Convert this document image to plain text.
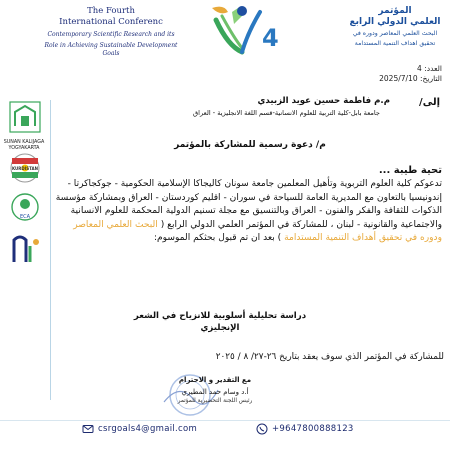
The Fourth
International Conferenc
Contemporary Scientific Research and its
Role in Achieving Sustainable Development Goals
4
المؤتمر
العلمي الدولي الرابع
البحث العلمي المعاصر ودوره في
تحقيق اهداف التنمية المستدامة
العدد: 4
التاريخ: 2025/7/10
SUNAN KALIJAGA
YOGYAKARTA
KURDISTAN
ECA
إلى/
م.م فاطمة حسين عويد الزبيدي
جامعة بابل-كلية التربية للعلوم الانسانية-قسم اللغة الانجليزية - العراق
م/ دعوة رسمية للمشاركة بالمؤتمر
تحية طيبة ...
تدعوكم كلية العلوم التربوية وتأهيل المعلمين جامعة سونان كاليجاكا الإسلامية الحكومية - جوكجاكرتا - إندونيسيا بالتعاون مع المديرية العامة للسياحة في سوران - اقليم كوردستان - العراق وبمشاركة مؤسسة الذكوات للثقافة والفكر والفنون - العراق وبالتنسيق مع مجلة تسنيم الدولية المحكمة للعلوم الانسانية والاجتماعية والقانونية - لبنان ، للمشاركة في المؤتمر العلمي الدولي الرابع ( البحث العلمي المعاصر ودوره في تحقيق أهداف التنمية المستدامة ) بعد ان تم قبول بحثكم الموسوم:
دراسة تحليلية أسلوبية للانزياح في الشعر
الإنجليزي
للمشاركة في المؤتمر الذي سوف يعقد بتاريخ ٢٦-٢٧/ ٨ / ٢٠٢٥
مع التقدير و الاحترام
أ.د وسام حمد المطيري
رئيس اللجنة التحضيرية للمؤتمر
csrgoals4@gmail.com	+9647800888123
